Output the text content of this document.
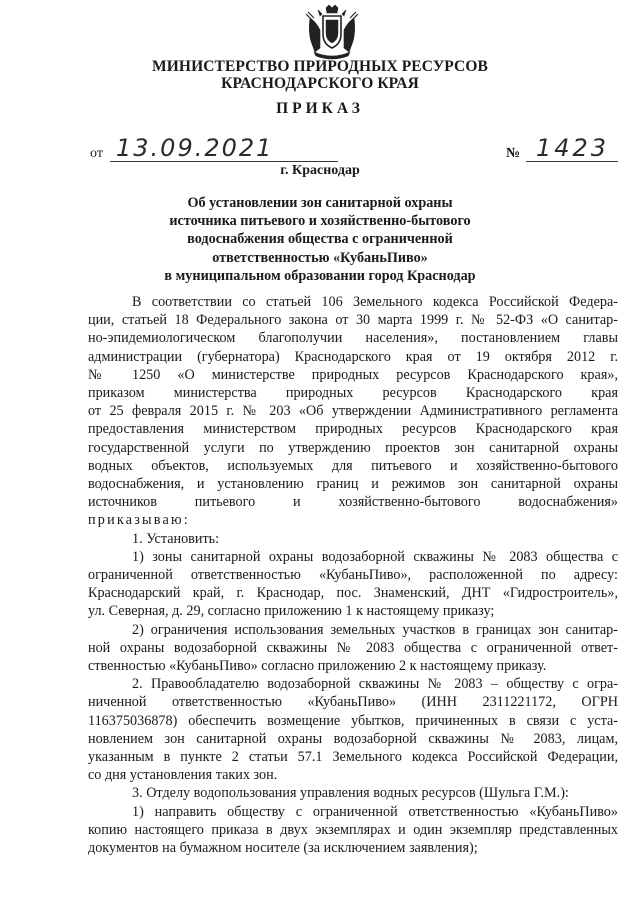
МИНИСТЕРСТВО ПРИРОДНЫХ РЕСУРСОВ
КРАСНОДАРСКОГО КРАЯ
ПРИКАЗ
от 13.09.2021	№ 1423
г. Краснодар
Об установлении зон санитарной охраны
источника питьевого и хозяйственно-бытового
водоснабжения общества с ограниченной
ответственностью «КубаньПиво»
в муниципальном образовании город Краснодар

В соответствии со статьей 106 Земельного кодекса Российской Федера-

ции, статьей 18 Федерального закона от 30 марта 1999 г. № 52-ФЗ «О санитар-

но-эпидемиологическом благополучии населения», постановлением главы

администрации (губернатора) Краснодарского края от 19 октября 2012 г.

№ 1250 «О министерстве природных ресурсов Краснодарского края»,

приказом министерства природных ресурсов Краснодарского края

от 25 февраля 2015 г. № 203 «Об утверждении Административного регламента

предоставления министерством природных ресурсов Краснодарского края

государственной услуги по утверждению проектов зон санитарной охраны

водных объектов, используемых для питьевого и хозяйственно-бытового

водоснабжения, и установлению границ и режимов зон санитарной охраны

источников питьевого и хозяйственно-бытового водоснабжения»

приказываю:

1. Установить:

1) зоны санитарной охраны водозаборной скважины № 2083 общества с

ограниченной ответственностью «КубаньПиво», расположенной по адресу:

Краснодарский край, г. Краснодар, пос. Знаменский, ДНТ «Гидростроитель»,

ул. Северная, д. 29, согласно приложению 1 к настоящему приказу;

2) ограничения использования земельных участков в границах зон санитар-

ной охраны водозаборной скважины № 2083 общества с ограниченной ответ-

ственностью «КубаньПиво» согласно приложению 2 к настоящему приказу.

2. Правообладателю водозаборной скважины № 2083 – обществу с огра-

ниченной ответственностью «КубаньПиво» (ИНН 2311221172, ОГРН

116375036878) обеспечить возмещение убытков, причиненных в связи с уста-

новлением зон санитарной охраны водозаборной скважины № 2083, лицам,

указанным в пункте 2 статьи 57.1 Земельного кодекса Российской Федерации,

со дня установления таких зон.

3. Отделу водопользования управления водных ресурсов (Шульга Г.М.):

1) направить обществу с ограниченной ответственностью «КубаньПиво»

копию настоящего приказа в двух экземплярах и один экземпляр представленных

документов на бумажном носителе (за исключением заявления);
